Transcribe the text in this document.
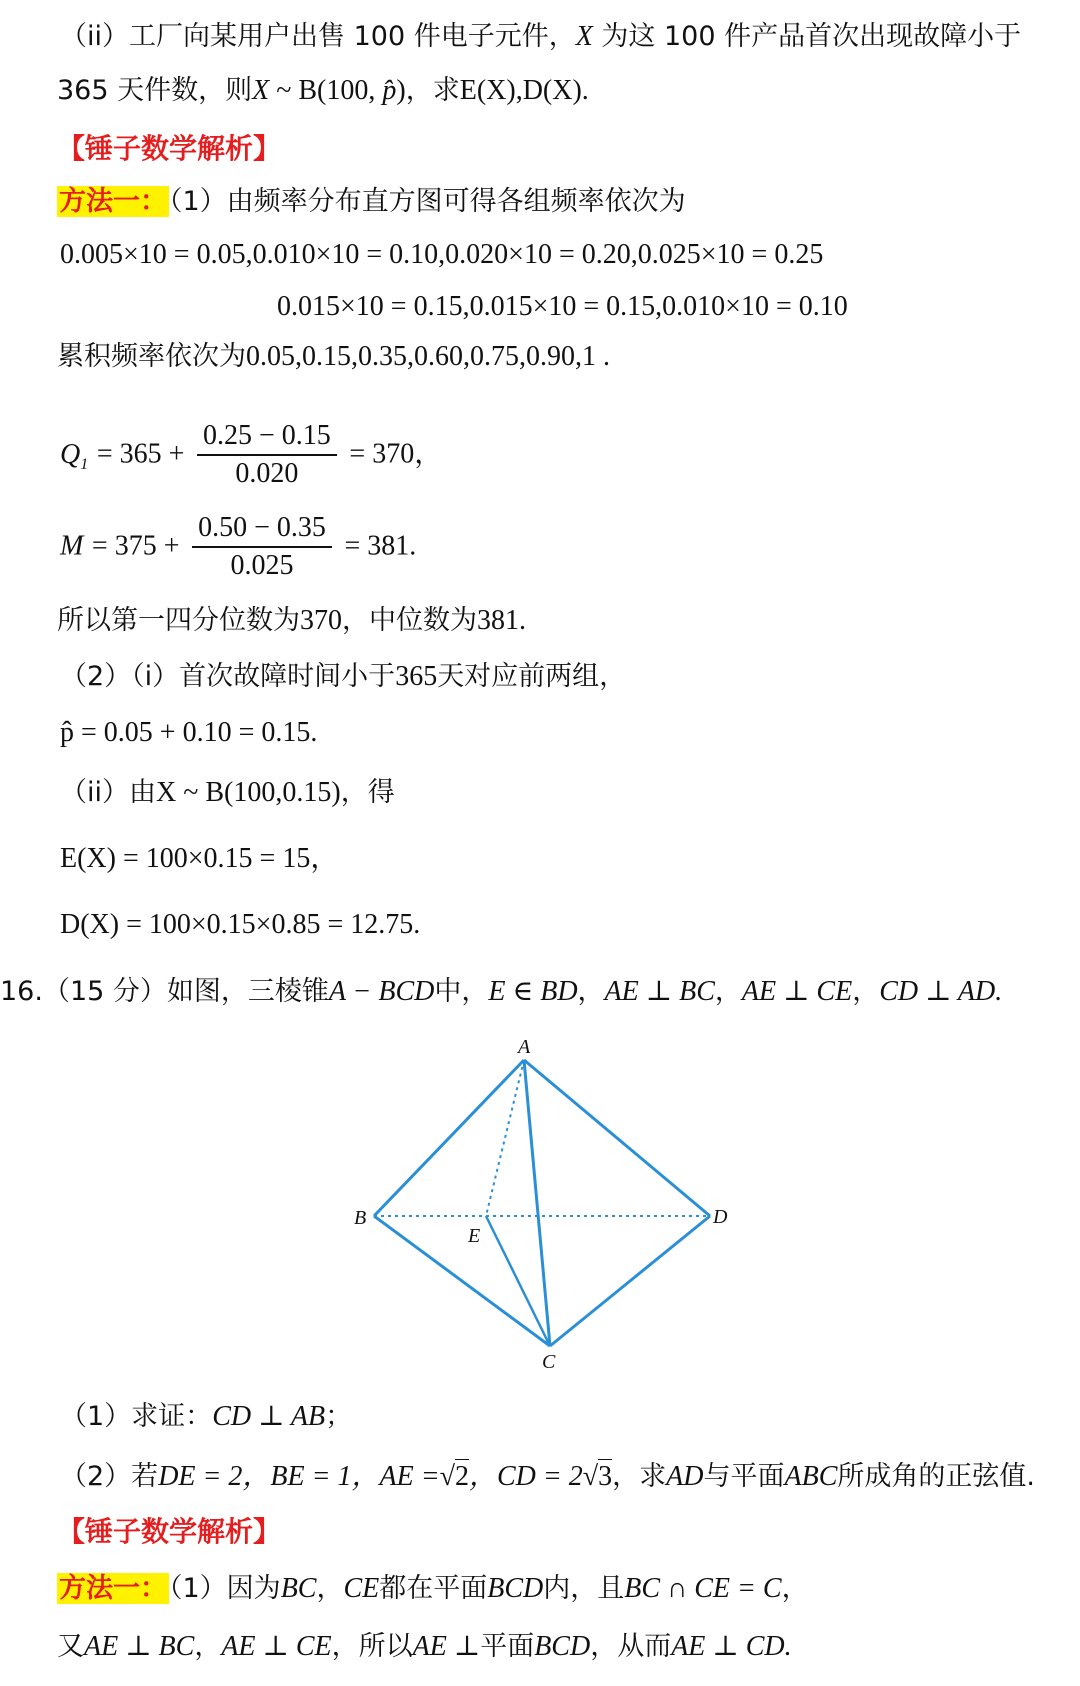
（ii）工厂向某用户出售 100 件电子元件，X 为这 100 件产品首次出现故障小于
365 天件数，则X ~ B(100, p̂)，求E(X),D(X).
【锤子数学解析】
方法一：（1）由频率分布直方图可得各组频率依次为
0.005×10 = 0.05,0.010×10 = 0.10,0.020×10 = 0.20,0.025×10 = 0.25
0.015×10 = 0.15,0.015×10 = 0.15,0.010×10 = 0.10
累积频率依次为0.05,0.15,0.35,0.60,0.75,0.90,1 .
$Q_1 = 365 + \frac{0.25 - 0.15}{0.020} = 370$，
$M = 375 + \frac{0.50 - 0.35}{0.025} = 381$.
所以第一四分位数为370，中位数为381.
（2）（i）首次故障时间小于365天对应前两组，
p̂ = 0.05 + 0.10 = 0.15.
（ii）由X ~ B(100,0.15)，得
E(X) = 100×0.15 = 15，
D(X) = 100×0.15×0.85 = 12.75.
16.（15 分）如图，三棱锥A − BCD中，E ∈ BD，AE ⊥ BC，AE ⊥ CE，CD ⊥ AD.
A
B
C
D
E
（1）求证：CD ⊥ AB；
（2）若DE = 2，BE = 1，AE =√2，CD = 2√3，求AD与平面ABC所成角的正弦值.
【锤子数学解析】
方法一：（1）因为BC，CE都在平面BCD内，且BC ∩ CE = C，
又AE ⊥ BC，AE ⊥ CE，所以AE ⊥平面BCD，从而AE ⊥ CD.
